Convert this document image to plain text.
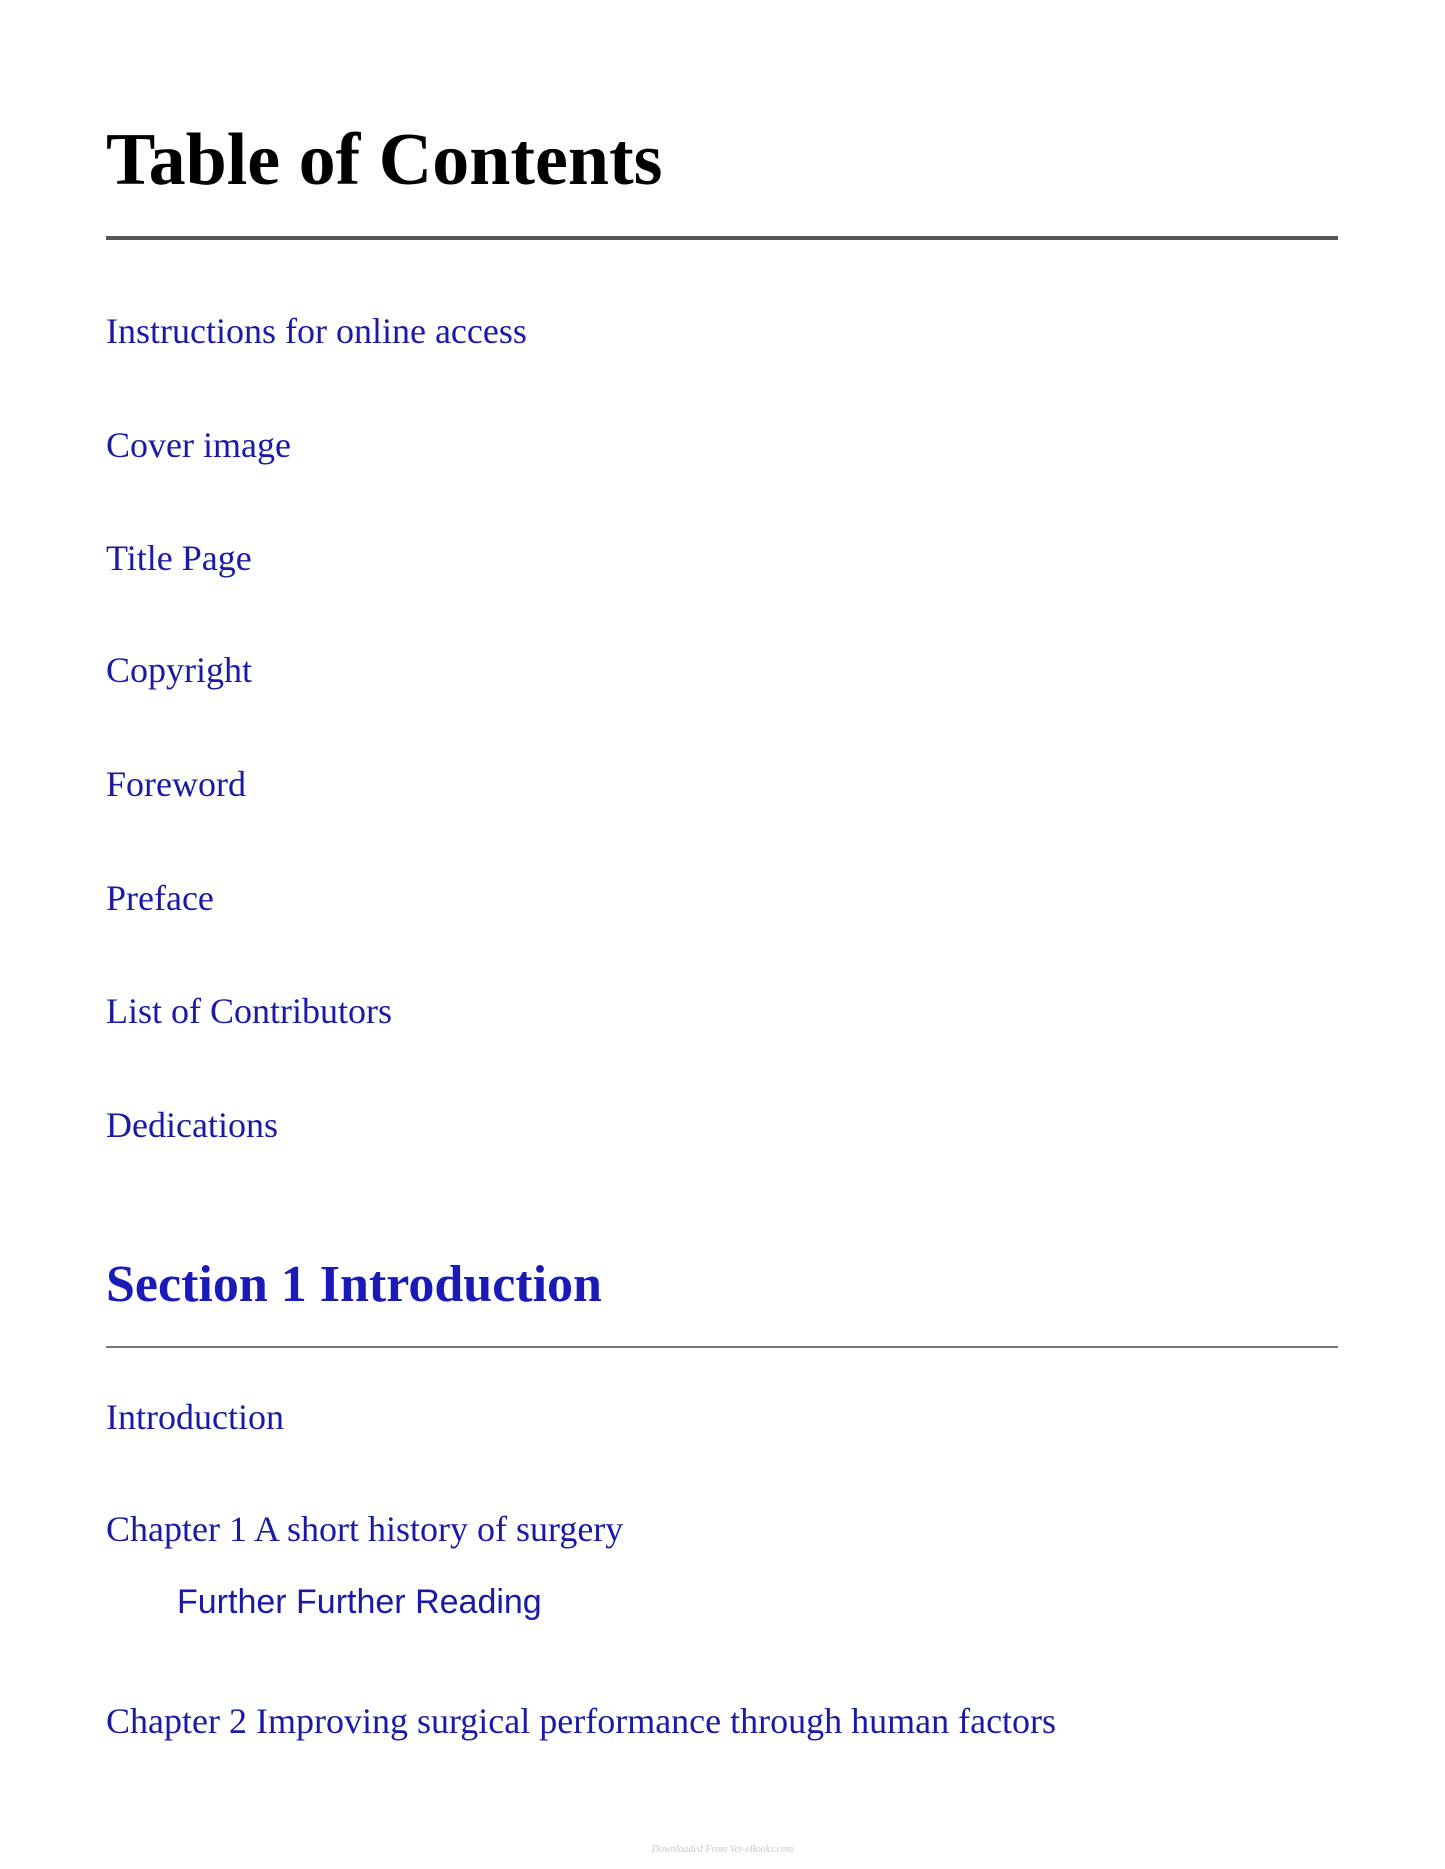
Table of Contents
Instructions for online access
Cover image
Title Page
Copyright
Foreword
Preface
List of Contributors
Dedications
Section 1 Introduction
Introduction
Chapter 1 A short history of surgery
Further Further Reading
Chapter 2 Improving surgical performance through human factors
Downloaded From Vet-eBooks.com
